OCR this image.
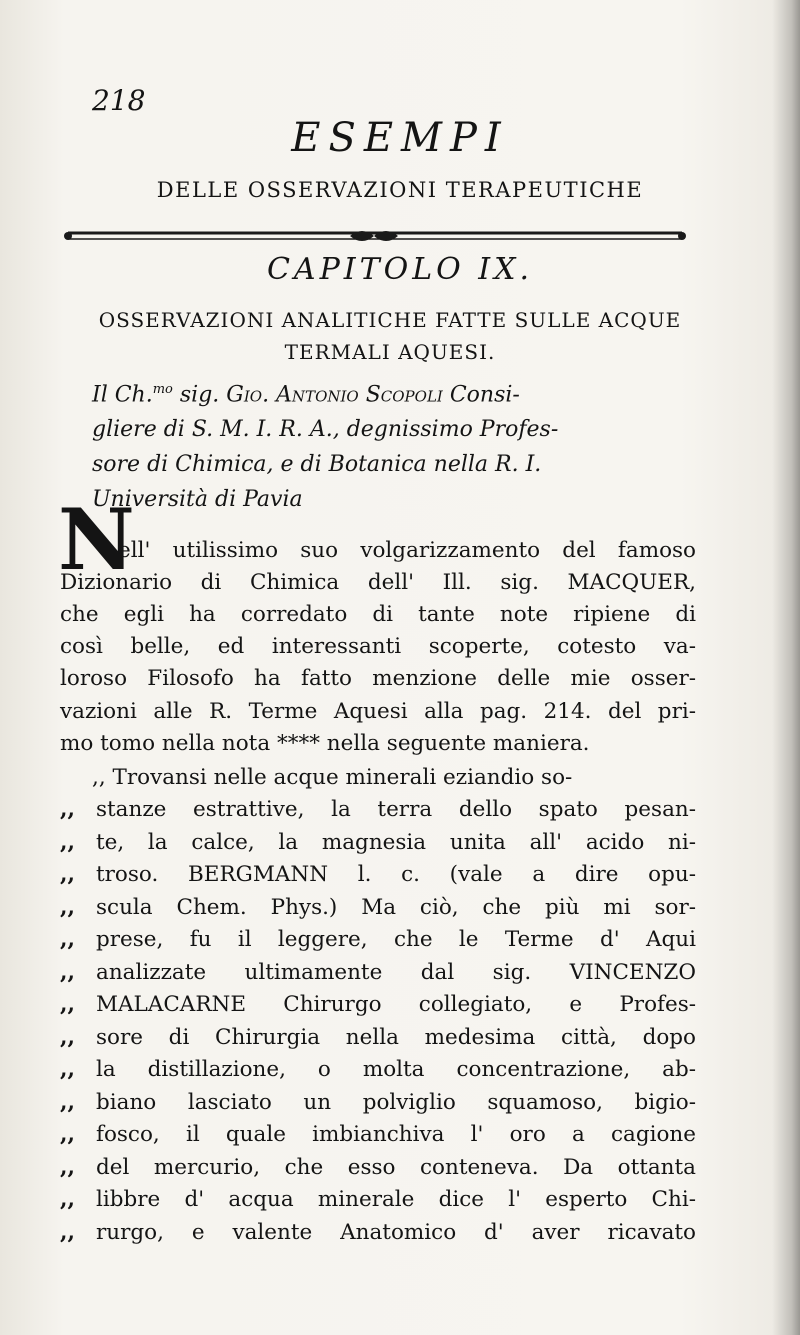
218
ESEMPI
DELLE OSSERVAZIONI TERAPEUTICHE
CAPITOLO IX.
OSSERVAZIONI ANALITICHE FATTE SULLE ACQUE
TERMALI AQUESI.
Il Ch.$^{mo}$ sig. Gio. Antonio Scopoli Consi-
gliere di S. M. I. R. A., degnissimo Profes-
sore di Chimica, e di Botanica nella R. I.
Università di Pavia
N
ell' utilissimo suo volgarizzamento del famoso
Dizionario di Chimica dell' Ill. sig. MACQUER,
che egli ha corredato di tante note ripiene di
così belle, ed interessanti scoperte, cotesto va-
loroso Filosofo ha fatto menzione delle mie osser-
vazioni alle R. Terme Aquesi alla pag. 214. del pri-
mo tomo nella nota **** nella seguente maniera.
,, Trovansi nelle acque minerali eziandio so-
,, stanze estrattive, la terra dello spato pesan-
,, te, la calce, la magnesia unita all' acido ni-
,, troso. BERGMANN l. c. (vale a dire opu-
,, scula Chem. Phys.) Ma ciò, che più mi sor-
,, prese, fu il leggere, che le Terme d' Aqui
,, analizzate ultimamente dal sig. VINCENZO
,, MALACARNE Chirurgo collegiato, e Profes-
,, sore di Chirurgia nella medesima città, dopo
,, la distillazione, o molta concentrazione, ab-
,, biano lasciato un polviglio squamoso, bigio-
,, fosco, il quale imbianchiva l' oro a cagione
,, del mercurio, che esso conteneva. Da ottanta
,, libbre d' acqua minerale dice l' esperto Chi-
,, rurgo, e valente Anatomico d' aver ricavato
